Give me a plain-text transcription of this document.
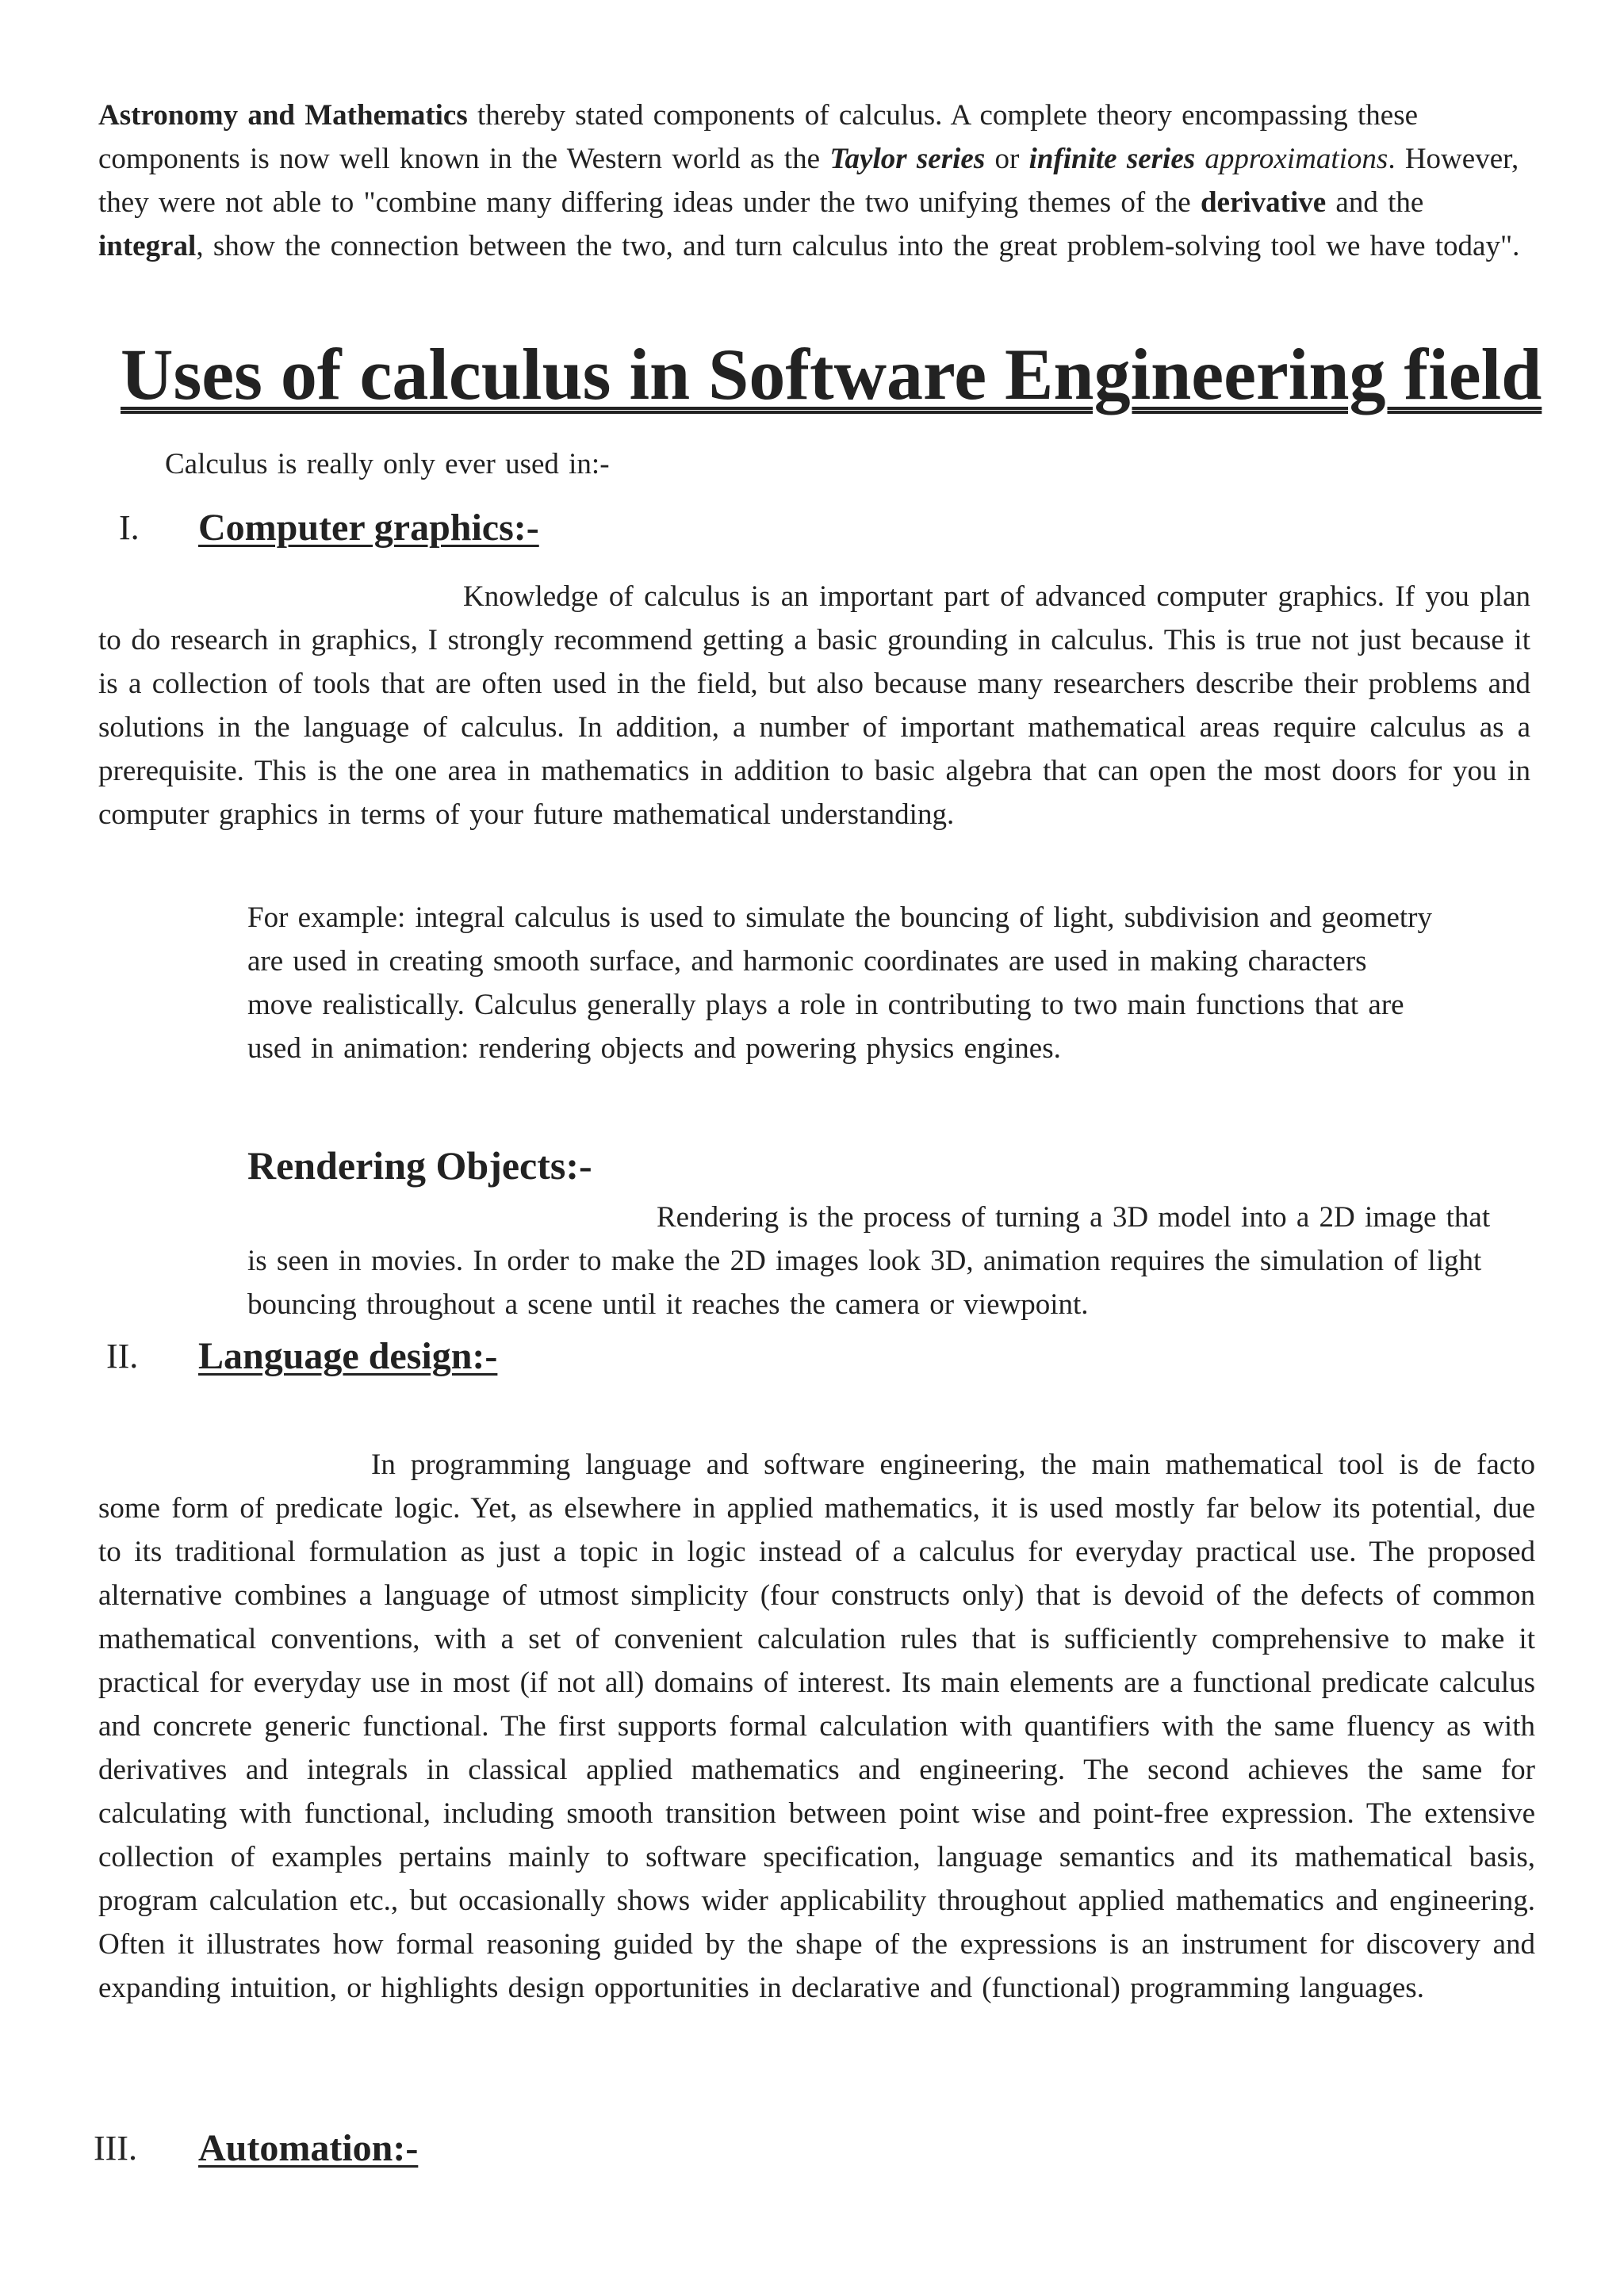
Astronomy and Mathematics thereby stated components of calculus. A complete theory encompassing these components is now well known in the Western world as the Taylor series or infinite series approximations. However, they were not able to "combine many differing ideas under the two unifying themes of the derivative and the integral, show the connection between the two, and turn calculus into the great problem-solving tool we have today".

Uses of calculus in Software Engineering field

Calculus is really only ever used in:-

I. Computer graphics:-

Knowledge of calculus is an important part of advanced computer graphics. If you plan to do research in graphics, I strongly recommend getting a basic grounding in calculus. This is true not just because it is a collection of tools that are often used in the field, but also because many researchers describe their problems and solutions in the language of calculus. In addition, a number of important mathematical areas require calculus as a prerequisite. This is the one area in mathematics in addition to basic algebra that can open the most doors for you in computer graphics in terms of your future mathematical understanding.

For example: integral calculus is used to simulate the bouncing of light, subdivision and geometry are used in creating smooth surface, and harmonic coordinates are used in making characters move realistically. Calculus generally plays a role in contributing to two main functions that are used in animation: rendering objects and powering physics engines.

Rendering Objects:-

Rendering is the process of turning a 3D model into a 2D image that is seen in movies. In order to make the 2D images look 3D, animation requires the simulation of light bouncing throughout a scene until it reaches the camera or viewpoint.

II. Language design:-

In programming language and software engineering, the main mathematical tool is de facto some form of predicate logic. Yet, as elsewhere in applied mathematics, it is used mostly far below its potential, due to its traditional formulation as just a topic in logic instead of a calculus for everyday practical use. The proposed alternative combines a language of utmost simplicity (four constructs only) that is devoid of the defects of common mathematical conventions, with a set of convenient calculation rules that is sufficiently comprehensive to make it practical for everyday use in most (if not all) domains of interest. Its main elements are a functional predicate calculus and concrete generic functional. The first supports formal calculation with quantifiers with the same fluency as with derivatives and integrals in classical applied mathematics and engineering. The second achieves the same for calculating with functional, including smooth transition between point wise and point-free expression. The extensive collection of examples pertains mainly to software specification, language semantics and its mathematical basis, program calculation etc., but occasionally shows wider applicability throughout applied mathematics and engineering. Often it illustrates how formal reasoning guided by the shape of the expressions is an instrument for discovery and expanding intuition, or highlights design opportunities in declarative and (functional) programming languages.

III. Automation:-
